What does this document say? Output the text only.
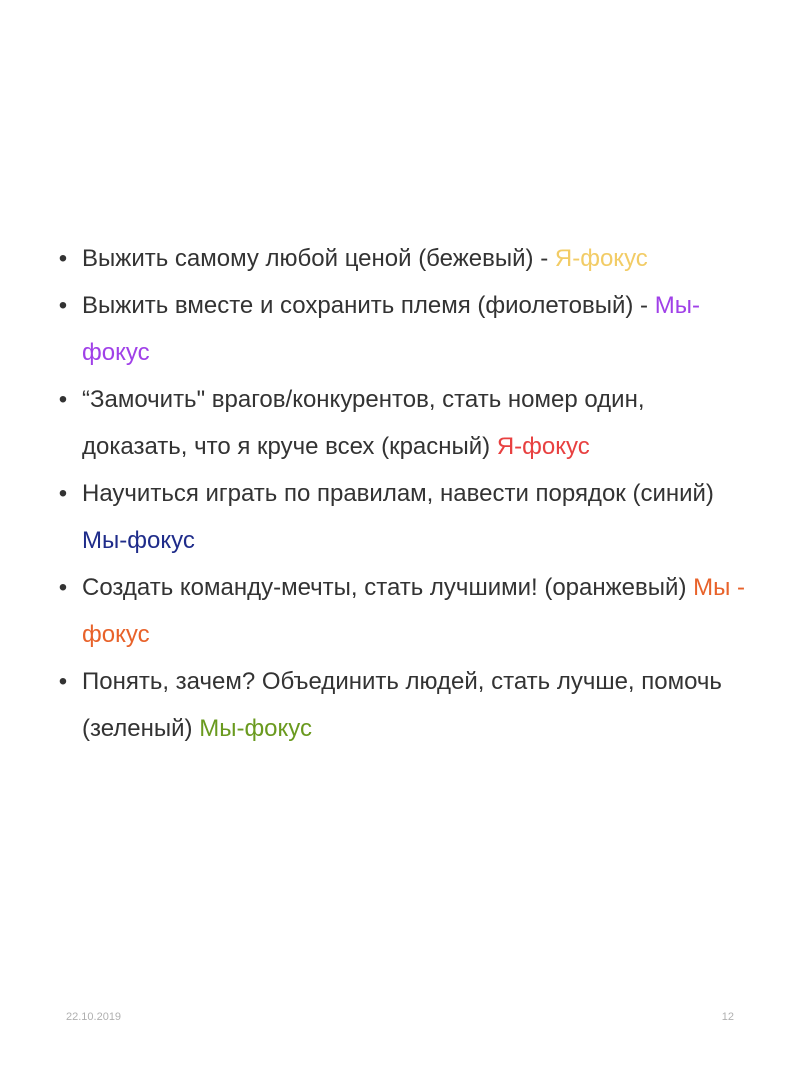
• Выжить самому любой ценой (бежевый) - Я-фокус
• Выжить вместе и сохранить племя (фиолетовый) - Мы-фокус
• “Замочить" врагов/конкурентов, стать номер один, доказать, что я круче всех (красный) Я-фокус
• Научиться играть по правилам, навести порядок (синий) Мы-фокус
• Создать команду-мечты, стать лучшими! (оранжевый) Мы - фокус
• Понять, зачем? Объединить людей, стать лучше, помочь (зеленый) Мы-фокус
22.10.2019	12
